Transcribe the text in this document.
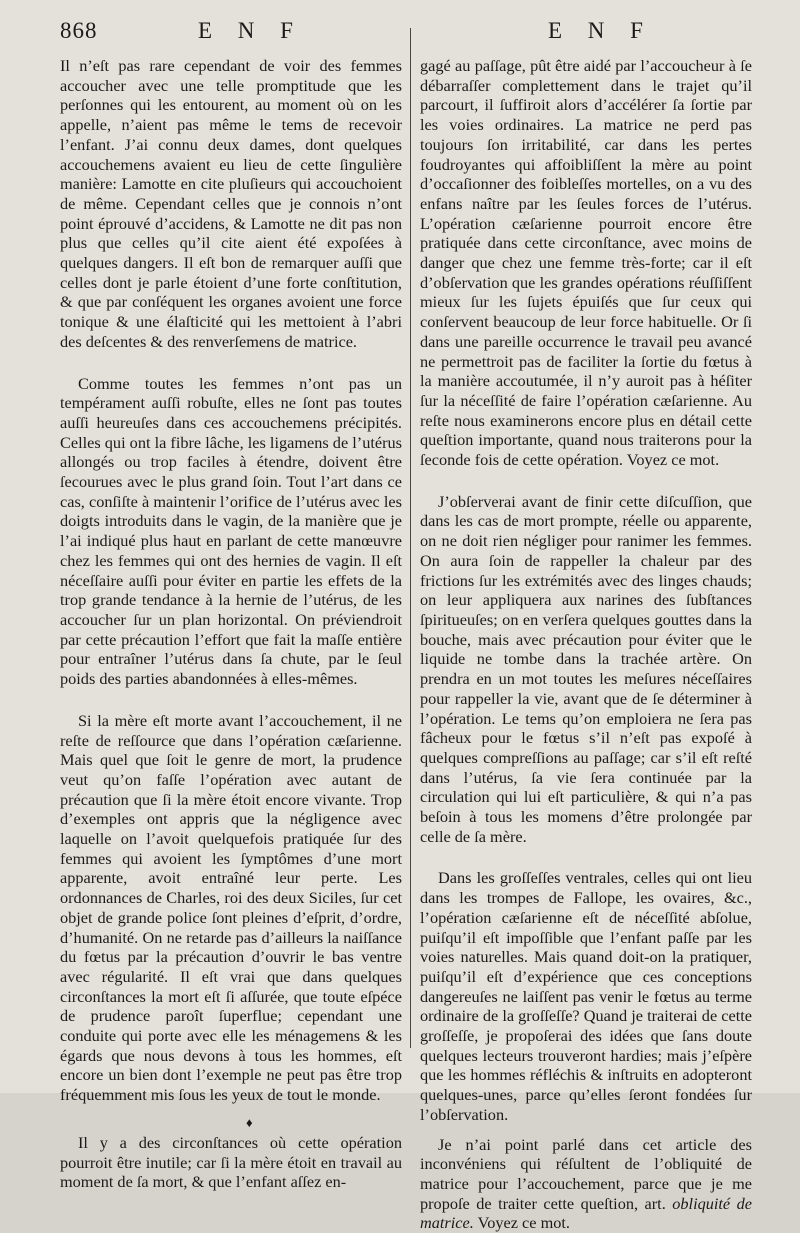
868	E N F	E N F

Il n’eſt pas rare cependant de voir des femmes accoucher avec une telle promptitude que les perſonnes qui les entourent, au moment où on les appelle, n’aient pas même le tems de recevoir l’enfant. J’ai connu deux dames, dont quelques accouchemens avaient eu lieu de cette ſingulière manière: Lamotte en cite pluſieurs qui accouchoient de même. Cependant celles que je connois n’ont point éprouvé d’accidens, & Lamotte ne dit pas non plus que celles qu’il cite aient été expoſées à quelques dangers. Il eſt bon de remarquer auſſi que celles dont je parle étoient d’une forte conſtitution, & que par conſéquent les organes avoient une force tonique & une élaſticité qui les mettoient à l’abri des deſcentes & des renverſemens de matrice.

Comme toutes les femmes n’ont pas un tempérament auſſi robuſte, elles ne ſont pas toutes auſſi heureuſes dans ces accouchemens précipités. Celles qui ont la fibre lâche, les ligamens de l’utérus allongés ou trop faciles à étendre, doivent être ſecourues avec le plus grand ſoin. Tout l’art dans ce cas, conſiſte à maintenir l’orifice de l’utérus avec les doigts introduits dans le vagin, de la manière que je l’ai indiqué plus haut en parlant de cette manœuvre chez les femmes qui ont des hernies de vagin. Il eſt néceſſaire auſſi pour éviter en partie les effets de la trop grande tendance à la hernie de l’utérus, de les accoucher ſur un plan horizontal. On préviendroit par cette précaution l’effort que fait la maſſe entière pour entraîner l’utérus dans ſa chute, par le ſeul poids des parties abandonnées à elles-mêmes.

Si la mère eſt morte avant l’accouchement, il ne reſte de reſſource que dans l’opération cæſarienne. Mais quel que ſoit le genre de mort, la prudence veut qu’on faſſe l’opération avec autant de précaution que ſi la mère étoit encore vivante. Trop d’exemples ont appris que la négligence avec laquelle on l’avoit quelquefois pratiquée ſur des femmes qui avoient les ſymptômes d’une mort apparente, avoit entraîné leur perte. Les ordonnances de Charles, roi des deux Siciles, ſur cet objet de grande police ſont pleines d’eſprit, d’ordre, d’humanité. On ne retarde pas d’ailleurs la naiſſance du fœtus par la précaution d’ouvrir le bas ventre avec régularité. Il eſt vrai que dans quelques circonſtances la mort eſt ſi aſſurée, que toute eſpéce de prudence paroît ſuperflue; cependant une conduite qui porte avec elle les ménagemens & les égards que nous devons à tous les hommes, eſt encore un bien dont l’exemple ne peut pas être trop fréquemment mis ſous les yeux de tout le monde.

♦

Il y a des circonſtances où cette opération pourroit être inutile; car ſi la mère étoit en travail au moment de ſa mort, & que l’enfant aſſez en-

gagé au paſſage, pût être aidé par l’accoucheur à ſe débarraſſer complettement dans le trajet qu’il parcourt, il ſuffiroit alors d’accélérer ſa ſortie par les voies ordinaires. La matrice ne perd pas toujours ſon irritabilité, car dans les pertes foudroyantes qui affoibliſſent la mère au point d’occaſionner des foibleſſes mortelles, on a vu des enfans naître par les ſeules forces de l’utérus. L’opération cæſarienne pourroit encore être pratiquée dans cette circonſtance, avec moins de danger que chez une femme très-forte; car il eſt d’obſervation que les grandes opérations réuſſiſſent mieux ſur les ſujets épuiſés que ſur ceux qui conſervent beaucoup de leur force habituelle. Or ſi dans une pareille occurrence le travail peu avancé ne permettroit pas de faciliter la ſortie du fœtus à la manière accoutumée, il n’y auroit pas à héſiter ſur la néceſſité de faire l’opération cæſarienne. Au reſte nous examinerons encore plus en détail cette queſtion importante, quand nous traiterons pour la ſeconde fois de cette opération. Voyez ce mot.

J’obſerverai avant de finir cette diſcuſſion, que dans les cas de mort prompte, réelle ou apparente, on ne doit rien négliger pour ranimer les femmes. On aura ſoin de rappeller la chaleur par des frictions ſur les extrémités avec des linges chauds; on leur appliquera aux narines des ſubſtances ſpiritueuſes; on en verſera quelques gouttes dans la bouche, mais avec précaution pour éviter que le liquide ne tombe dans la trachée artère. On prendra en un mot toutes les meſures néceſſaires pour rappeller la vie, avant que de ſe déterminer à l’opération. Le tems qu’on emploiera ne ſera pas fâcheux pour le fœtus s’il n’eſt pas expoſé à quelques compreſſions au paſſage; car s’il eſt reſté dans l’utérus, ſa vie ſera continuée par la circulation qui lui eſt particulière, & qui n’a pas beſoin à tous les momens d’être prolongée par celle de ſa mère.

Dans les groſſeſſes ventrales, celles qui ont lieu dans les trompes de Fallope, les ovaires, &c., l’opération cæſarienne eſt de néceſſité abſolue, puiſqu’il eſt impoſſible que l’enfant paſſe par les voies naturelles. Mais quand doit-on la pratiquer, puiſqu’il eſt d’expérience que ces conceptions dangereuſes ne laiſſent pas venir le fœtus au terme ordinaire de la groſſeſſe? Quand je traiterai de cette groſſeſſe, je propoſerai des idées que ſans doute quelques lecteurs trouveront hardies; mais j’eſpère que les hommes réfléchis & inſtruits en adopteront quelques-unes, parce qu’elles ſeront fondées ſur l’obſervation.

Je n’ai point parlé dans cet article des inconvéniens qui réſultent de l’obliquité de matrice pour l’accouchement, parce que je me propoſe de traiter cette queſtion, art. obliquité de matrice. Voyez ce mot.
